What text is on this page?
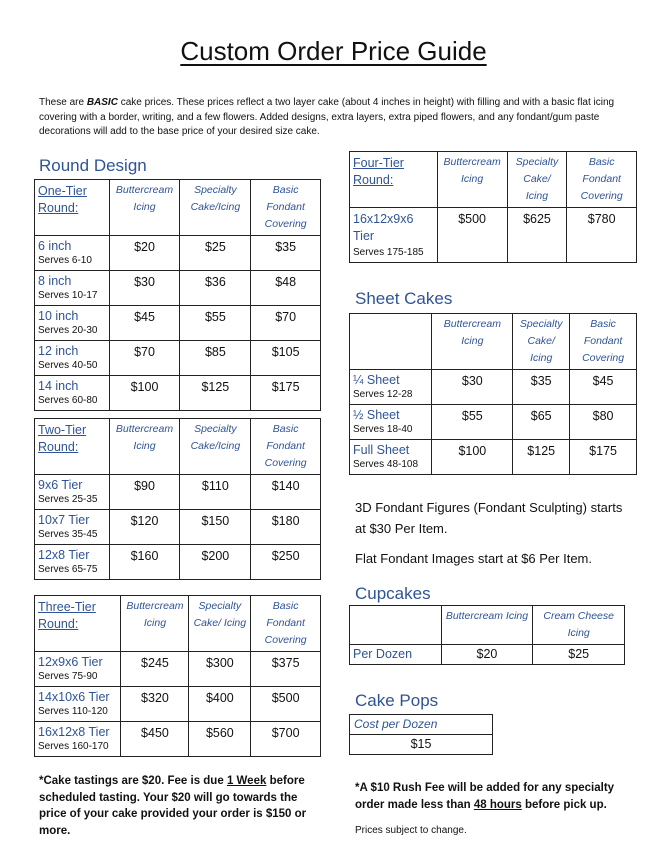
Custom Order Price Guide
These are BASIC cake prices. These prices reflect a two layer cake (about 4 inches in height) with filling and with a basic flat icing covering with a border, writing, and a few flowers. Added designs, extra layers, extra piped flowers, and any fondant/gum paste decorations will add to the base price of your desired size cake.
Round Design
One-Tier Round:	Buttercream Icing	Specialty Cake/Icing	Basic Fondant Covering

6 inch
Serves 6-10	$20	$25	$35

8 inch
Serves 10-17	$30	$36	$48

10 inch
Serves 20-30	$45	$55	$70

12 inch
Serves 40-50	$70	$85	$105

14 inch
Serves 60-80	$100	$125	$175
Two-Tier Round:	Buttercream Icing	Specialty Cake/Icing	Basic Fondant Covering

9x6 Tier
Serves 25-35	$90	$110	$140

10x7 Tier
Serves 35-45	$120	$150	$180

12x8 Tier
Serves 65-75	$160	$200	$250
Three-Tier Round:	Buttercream Icing	Specialty Cake/ Icing	Basic Fondant Covering

12x9x6 Tier
Serves 75-90	$245	$300	$375

14x10x6 Tier
Serves 110-120	$320	$400	$500

16x12x8 Tier
Serves 160-170	$450	$560	$700
Four-Tier Round:	Buttercream Icing	Specialty Cake/ Icing	Basic Fondant Covering

16x12x9x6 Tier
Serves 175-185	$500	$625	$780
Sheet Cakes
	Buttercream Icing	Specialty Cake/ Icing	Basic Fondant Covering

¼ Sheet
Serves 12-28	$30	$35	$45

½ Sheet
Serves 18-40	$55	$65	$80

Full Sheet
Serves 48-108	$100	$125	$175
3D Fondant Figures (Fondant Sculpting) starts at $30 Per Item.
Flat Fondant Images start at $6 Per Item.
Cupcakes
	Buttercream Icing	Cream Cheese Icing

Per Dozen	$20	$25
Cake Pops
Cost per Dozen
$15
*Cake tastings are $20. Fee is due 1 Week before scheduled tasting. Your $20 will go towards the price of your cake provided your order is $150 or more.
*A $10 Rush Fee will be added for any specialty order made less than 48 hours before pick up.
Prices subject to change.
